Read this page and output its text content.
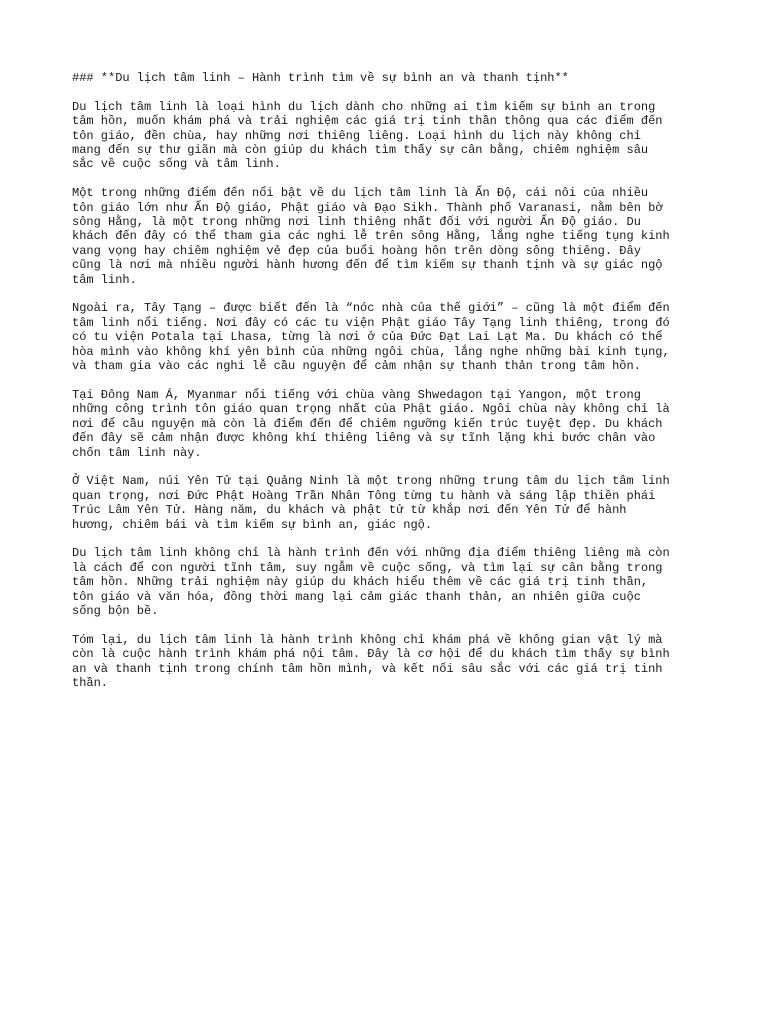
### **Du lịch tâm linh – Hành trình tìm về sự bình an và thanh tịnh**
Du lịch tâm linh là loại hình du lịch dành cho những ai tìm kiếm sự bình an trong
tâm hồn, muốn khám phá và trải nghiệm các giá trị tinh thần thông qua các điểm đến
tôn giáo, đền chùa, hay những nơi thiêng liêng. Loại hình du lịch này không chỉ
mang đến sự thư giãn mà còn giúp du khách tìm thấy sự cân bằng, chiêm nghiệm sâu
sắc về cuộc sống và tâm linh.
Một trong những điểm đến nổi bật về du lịch tâm linh là Ấn Độ, cái nôi của nhiều
tôn giáo lớn như Ấn Độ giáo, Phật giáo và Đạo Sikh. Thành phố Varanasi, nằm bên bờ
sông Hằng, là một trong những nơi linh thiêng nhất đối với người Ấn Độ giáo. Du
khách đến đây có thể tham gia các nghi lễ trên sông Hằng, lắng nghe tiếng tụng kinh
vang vọng hay chiêm nghiệm vẻ đẹp của buổi hoàng hôn trên dòng sông thiêng. Đây
cũng là nơi mà nhiều người hành hương đến để tìm kiếm sự thanh tịnh và sự giác ngộ
tâm linh.
Ngoài ra, Tây Tạng – được biết đến là “nóc nhà của thế giới” – cũng là một điểm đến
tâm linh nổi tiếng. Nơi đây có các tu viện Phật giáo Tây Tạng linh thiêng, trong đó
có tu viện Potala tại Lhasa, từng là nơi ở của Đức Đạt Lai Lạt Ma. Du khách có thể
hòa mình vào không khí yên bình của những ngôi chùa, lắng nghe những bài kinh tụng,
và tham gia vào các nghi lễ cầu nguyện để cảm nhận sự thanh thản trong tâm hồn.
Tại Đông Nam Á, Myanmar nổi tiếng với chùa vàng Shwedagon tại Yangon, một trong
những công trình tôn giáo quan trọng nhất của Phật giáo. Ngôi chùa này không chỉ là
nơi để cầu nguyện mà còn là điểm đến để chiêm ngưỡng kiến trúc tuyệt đẹp. Du khách
đến đây sẽ cảm nhận được không khí thiêng liêng và sự tĩnh lặng khi bước chân vào
chốn tâm linh này.
Ở Việt Nam, núi Yên Tử tại Quảng Ninh là một trong những trung tâm du lịch tâm linh
quan trọng, nơi Đức Phật Hoàng Trần Nhân Tông từng tu hành và sáng lập thiền phái
Trúc Lâm Yên Tử. Hàng năm, du khách và phật tử từ khắp nơi đến Yên Tử để hành
hương, chiêm bái và tìm kiếm sự bình an, giác ngộ.
Du lịch tâm linh không chỉ là hành trình đến với những địa điểm thiêng liêng mà còn
là cách để con người tĩnh tâm, suy ngẫm về cuộc sống, và tìm lại sự cân bằng trong
tâm hồn. Những trải nghiệm này giúp du khách hiểu thêm về các giá trị tinh thần,
tôn giáo và văn hóa, đồng thời mang lại cảm giác thanh thản, an nhiên giữa cuộc
sống bộn bề.
Tóm lại, du lịch tâm linh là hành trình không chỉ khám phá về không gian vật lý mà
còn là cuộc hành trình khám phá nội tâm. Đây là cơ hội để du khách tìm thấy sự bình
an và thanh tịnh trong chính tâm hồn mình, và kết nối sâu sắc với các giá trị tinh
thần.
